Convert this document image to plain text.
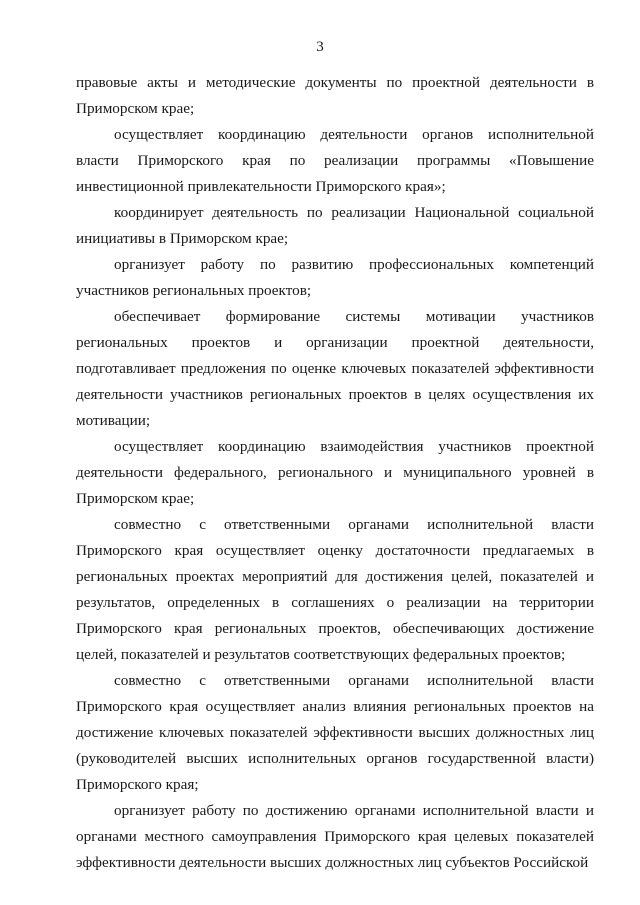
3

правовые акты и методические документы по проектной деятельности в Приморском крае;

осуществляет координацию деятельности органов исполнительной власти Приморского края по реализации программы «Повышение инвестиционной привлекательности Приморского края»;

координирует деятельность по реализации Национальной социальной инициативы в Приморском крае;

организует работу по развитию профессиональных компетенций участников региональных проектов;

обеспечивает формирование системы мотивации участников региональных проектов и организации проектной деятельности, подготавливает предложения по оценке ключевых показателей эффективности деятельности участников региональных проектов в целях осуществления их мотивации;

осуществляет координацию взаимодействия участников проектной деятельности федерального, регионального и муниципального уровней в Приморском крае;

совместно с ответственными органами исполнительной власти Приморского края осуществляет оценку достаточности предлагаемых в региональных проектах мероприятий для достижения целей, показателей и результатов, определенных в соглашениях о реализации на территории Приморского края региональных проектов, обеспечивающих достижение целей, показателей и результатов соответствующих федеральных проектов;

совместно с ответственными органами исполнительной власти Приморского края осуществляет анализ влияния региональных проектов на достижение ключевых показателей эффективности высших должностных лиц (руководителей высших исполнительных органов государственной власти) Приморского края;

организует работу по достижению органами исполнительной власти и органами местного самоуправления Приморского края целевых показателей эффективности деятельности высших должностных лиц субъектов Российской
